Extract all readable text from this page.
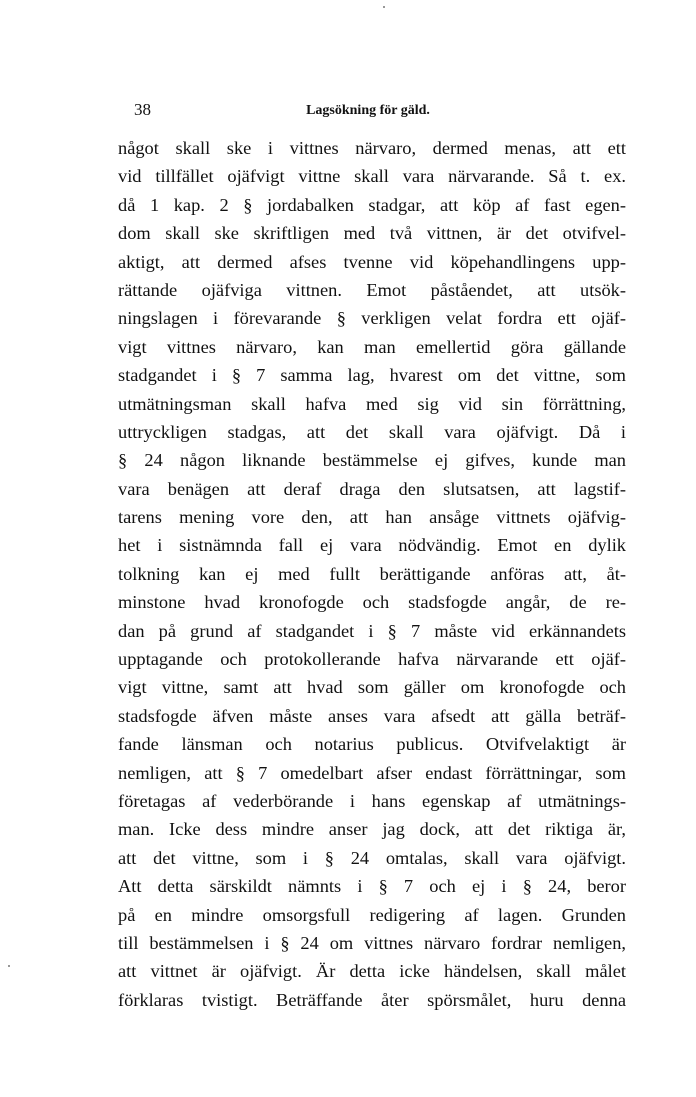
38	Lagsökning för gäld.
något skall ske i vittnes närvaro, dermed menas, att ett
vid tillfället ojäfvigt vittne skall vara närvarande. Så t. ex.
då 1 kap. 2 § jordabalken stadgar, att köp af fast egen-
dom skall ske skriftligen med två vittnen, är det otvifvel-
aktigt, att dermed afses tvenne vid köpehandlingens upp-
rättande ojäfviga vittnen. Emot påståendet, att utsök-
ningslagen i förevarande § verkligen velat fordra ett ojäf-
vigt vittnes närvaro, kan man emellertid göra gällande
stadgandet i § 7 samma lag, hvarest om det vittne, som
utmätningsman skall hafva med sig vid sin förrättning,
uttryckligen stadgas, att det skall vara ojäfvigt. Då i
§ 24 någon liknande bestämmelse ej gifves, kunde man
vara benägen att deraf draga den slutsatsen, att lagstif-
tarens mening vore den, att han ansåge vittnets ojäfvig-
het i sistnämnda fall ej vara nödvändig. Emot en dylik
tolkning kan ej med fullt berättigande anföras att, åt-
minstone hvad kronofogde och stadsfogde angår, de re-
dan på grund af stadgandet i § 7 måste vid erkännandets
upptagande och protokollerande hafva närvarande ett ojäf-
vigt vittne, samt att hvad som gäller om kronofogde och
stadsfogde äfven måste anses vara afsedt att gälla beträf-
fande länsman och notarius publicus. Otvifvelaktigt är
nemligen, att § 7 omedelbart afser endast förrättningar, som
företagas af vederbörande i hans egenskap af utmätnings-
man. Icke dess mindre anser jag dock, att det riktiga är,
att det vittne, som i § 24 omtalas, skall vara ojäfvigt.
Att detta särskildt nämnts i § 7 och ej i § 24, beror
på en mindre omsorgsfull redigering af lagen. Grunden
till bestämmelsen i § 24 om vittnes närvaro fordrar nemligen,
att vittnet är ojäfvigt. Är detta icke händelsen, skall målet
förklaras tvistigt. Beträffande åter spörsmålet, huru denna
